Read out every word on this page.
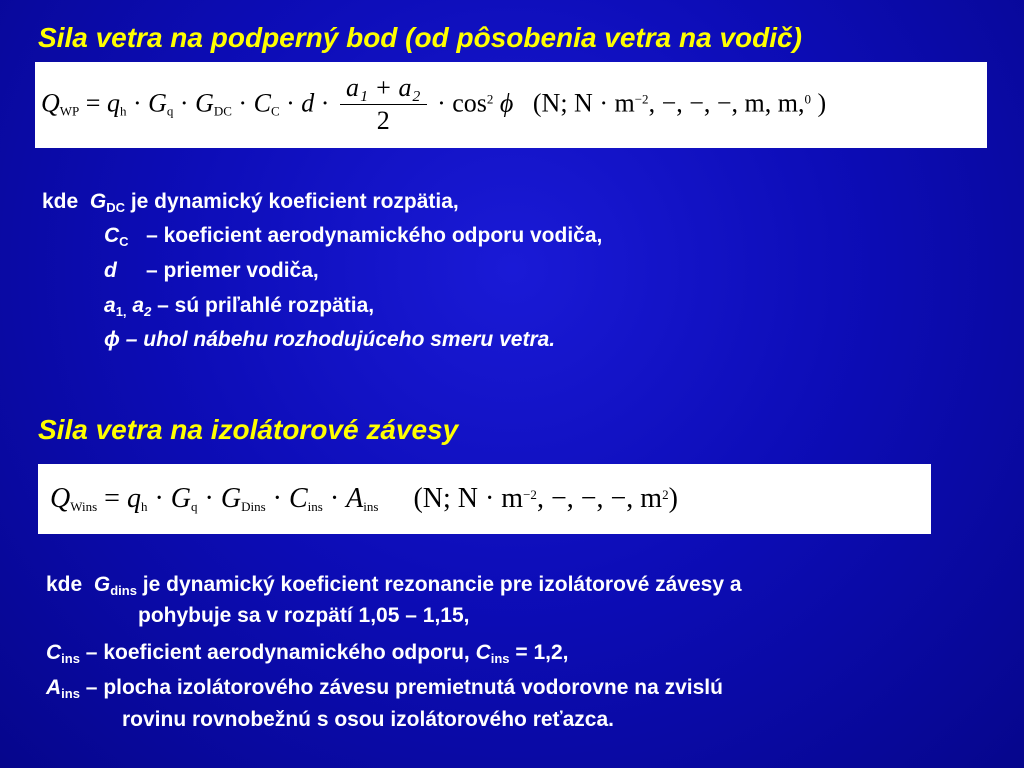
Sila vetra na podperný bod (od pôsobenia vetra na vodič)
$Q_{WP} = q_h \cdot G_q \cdot G_{DC} \cdot C_C \cdot d \cdot \frac{\text{a₁ + a₂}}{2} \cdot \cos^2 \phi$ (N; $N \cdot m^{-2}$, −, −, −, m, m,$^0$ )
kde $G_{DC}$ je dynamický koeficient rozpätia,
$C_C$   – koeficient aerodynamického odporu vodiča,
d     – priemer vodiča,
$a_{1,}$ $a_2$ – sú priľahlé rozpätia,
ϕ – uhol nábehu rozhodujúceho smeru vetra.
Sila vetra na izolátorové závesy
$Q_{Wins} = q_h \cdot G_q \cdot G_{Dins} \cdot C_{ins} \cdot A_{ins}$ (N; $N \cdot m^{-2}$, −, −, −, $m^2$)
kde $G_{dins}$ je dynamický koeficient rezonancie pre izolátorové závesy a
pohybuje sa v rozpätí 1,05 – 1,15,
$C_{ins}$ – koeficient aerodynamického odporu, $C_{ins} = 1,2$,
$A_{ins}$ – plocha izolátorového závesu premietnutá vodorovne na zvislú
rovinu rovnobežnú s osou izolátorového reťazca.
